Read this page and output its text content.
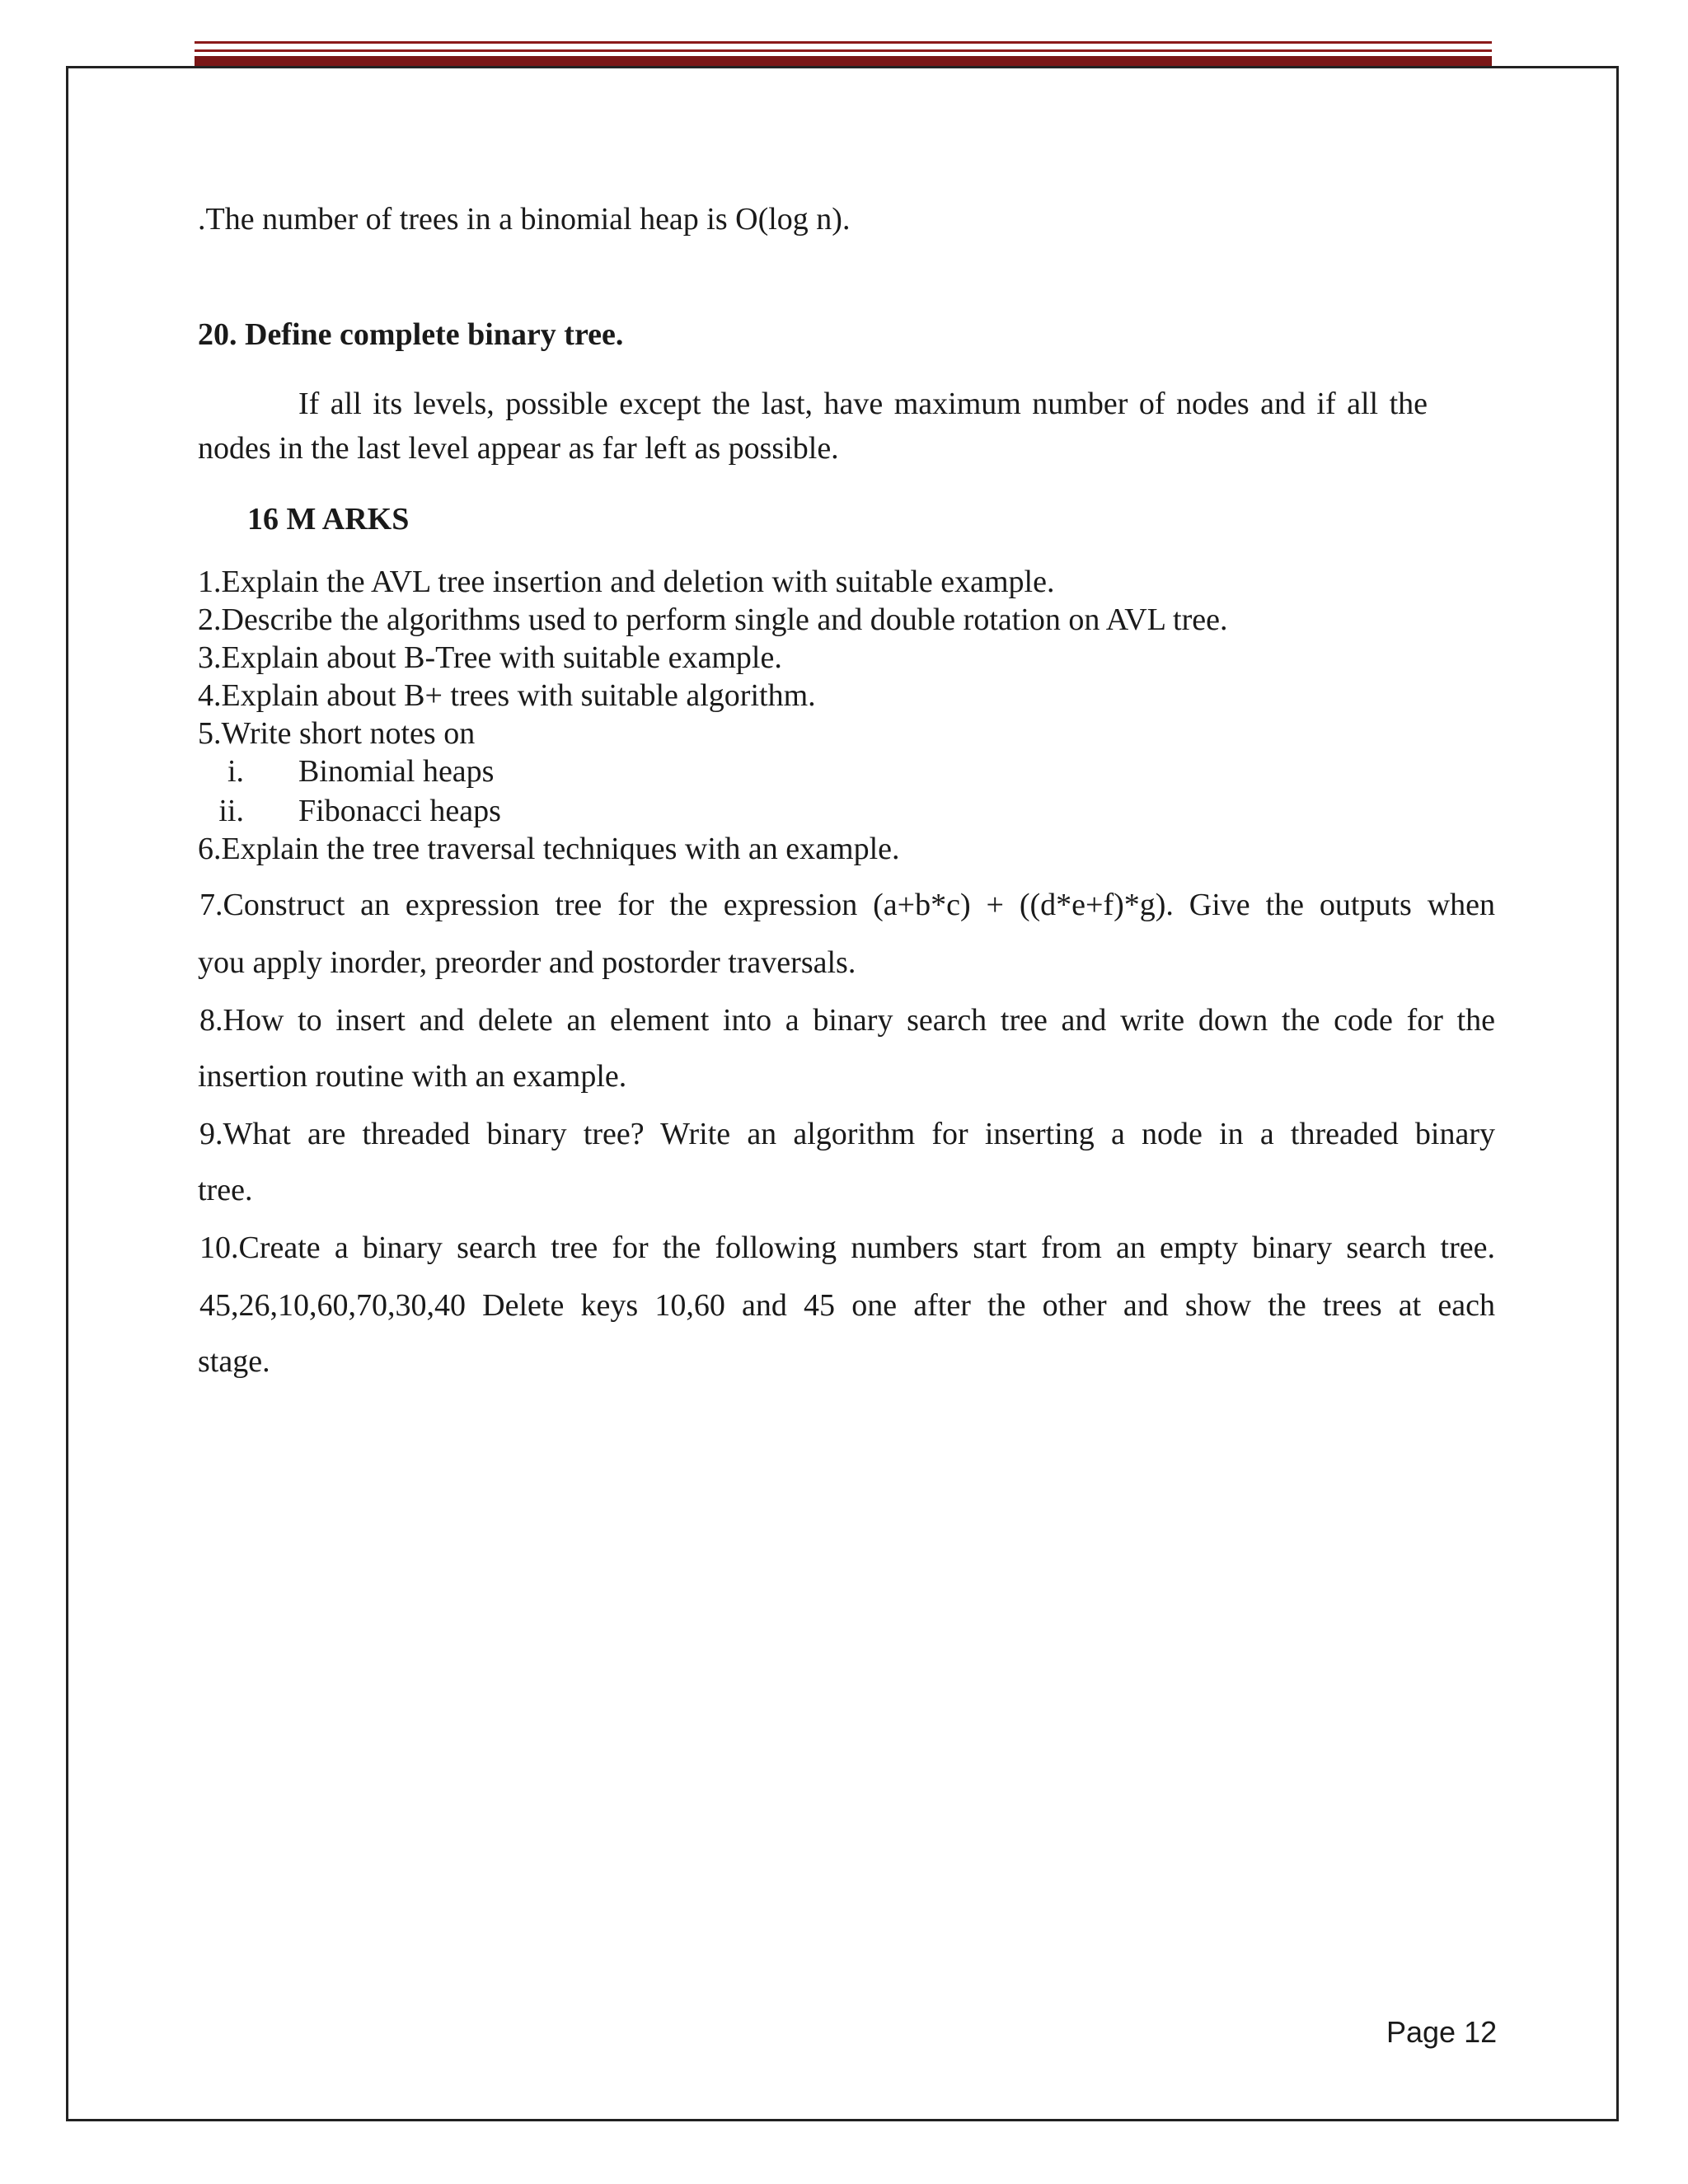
.The number of trees in a binomial heap is O(log n).
20. Define complete binary tree.
If all its levels, possible except the last, have maximum number of nodes and if all the
nodes in the last level appear as far left as possible.
16 M ARKS
1.Explain the AVL tree insertion and deletion with suitable example.
2.Describe the algorithms used to perform single and double rotation on AVL tree.
3.Explain about B-Tree with suitable example.
4.Explain about B+ trees with suitable algorithm.
5.Write short notes on
i. Binomial heaps
ii. Fibonacci heaps
6.Explain the tree traversal techniques with an example.
7.Construct an expression tree for the expression (a+b*c) + ((d*e+f)*g). Give the outputs when
you apply inorder, preorder and postorder traversals.
8.How to insert and delete an element into a binary search tree and write down the code for the
insertion routine with an example.
9.What are threaded binary tree? Write an algorithm for inserting a node in a threaded binary
tree.
10.Create a binary search tree for the following numbers start from an empty binary search tree.
45,26,10,60,70,30,40 Delete keys 10,60 and 45 one after the other and show the trees at each
stage.
Page 12
